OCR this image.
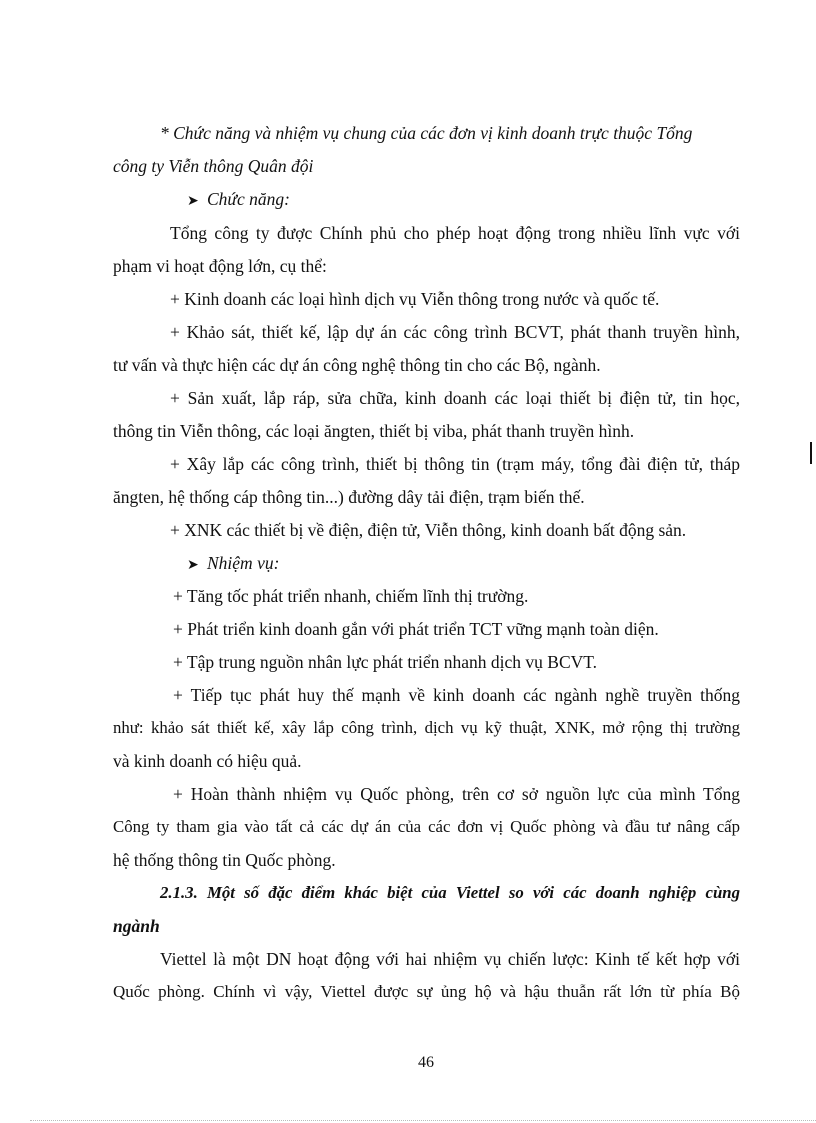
* Chức năng và nhiệm vụ chung của các đơn vị kinh doanh trực thuộc Tổng
công ty Viễn thông Quân đội
➤ Chức năng:
Tổng công ty được Chính phủ cho phép hoạt động trong nhiều lĩnh vực với
phạm vi hoạt động lớn, cụ thể:
+ Kinh doanh các loại hình dịch vụ Viễn thông trong nước và quốc tế.
+ Khảo sát, thiết kế, lập dự án các công trình BCVT, phát thanh truyền hình,
tư vấn và thực hiện các dự án công nghệ thông tin cho các Bộ, ngành.
+ Sản xuất, lắp ráp, sửa chữa, kinh doanh các loại thiết bị điện tử, tin học,
thông tin Viễn thông, các loại ăngten, thiết bị viba, phát thanh truyền hình.
+ Xây lắp các công trình, thiết bị thông tin (trạm máy, tổng đài điện tử, tháp
ăngten, hệ thống cáp thông tin...) đường dây tải điện, trạm biến thế.
+ XNK các thiết bị về điện, điện tử, Viễn thông, kinh doanh bất động sản.
➤ Nhiệm vụ:
+ Tăng tốc phát triển nhanh, chiếm lĩnh thị trường.
+ Phát triển kinh doanh gắn với phát triển TCT vững mạnh toàn diện.
+ Tập trung nguồn nhân lực phát triển nhanh dịch vụ BCVT.
+ Tiếp tục phát huy thế mạnh về kinh doanh các ngành nghề truyền thống
như: khảo sát thiết kế, xây lắp công trình, dịch vụ kỹ thuật, XNK, mở rộng thị trường
và kinh doanh có hiệu quả.
+ Hoàn thành nhiệm vụ Quốc phòng, trên cơ sở nguồn lực của mình Tổng
Công ty tham gia vào tất cả các dự án của các đơn vị Quốc phòng và đầu tư nâng cấp
hệ thống thông tin Quốc phòng.
2.1.3. Một số đặc điểm khác biệt của Viettel so với các doanh nghiệp cùng
ngành
Viettel là một DN hoạt động với hai nhiệm vụ chiến lược: Kinh tế kết hợp với
Quốc phòng. Chính vì vậy, Viettel được sự ủng hộ và hậu thuẫn rất lớn từ phía Bộ
46
